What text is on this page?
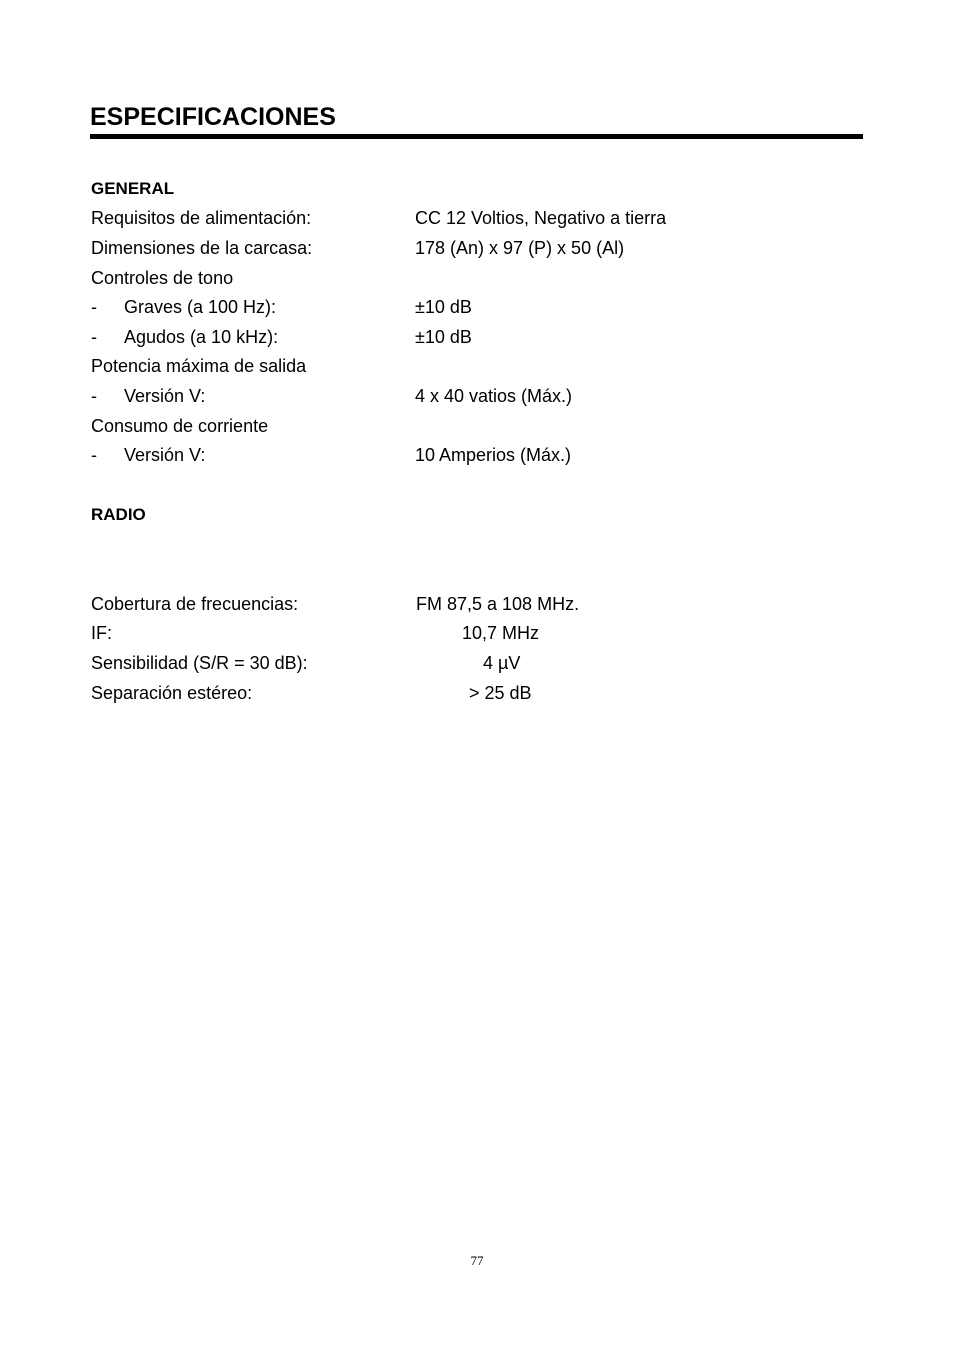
ESPECIFICACIONES
GENERAL
Requisitos de alimentación:	CC 12 Voltios, Negativo a tierra
Dimensiones de la carcasa:	178 (An) x 97 (P) x 50 (Al)
Controles de tono
- Graves (a 100 Hz):	±10 dB
- Agudos (a 10 kHz):	±10 dB
Potencia máxima de salida
- Versión V:	4 x 40 vatios (Máx.)
Consumo de corriente
- Versión V:	10 Amperios (Máx.)
RADIO
Cobertura de frecuencias:	FM 87,5 a 108 MHz.
IF:	10,7 MHz
Sensibilidad (S/R = 30 dB):	4 µV
Separación estéreo:	> 25 dB
77
